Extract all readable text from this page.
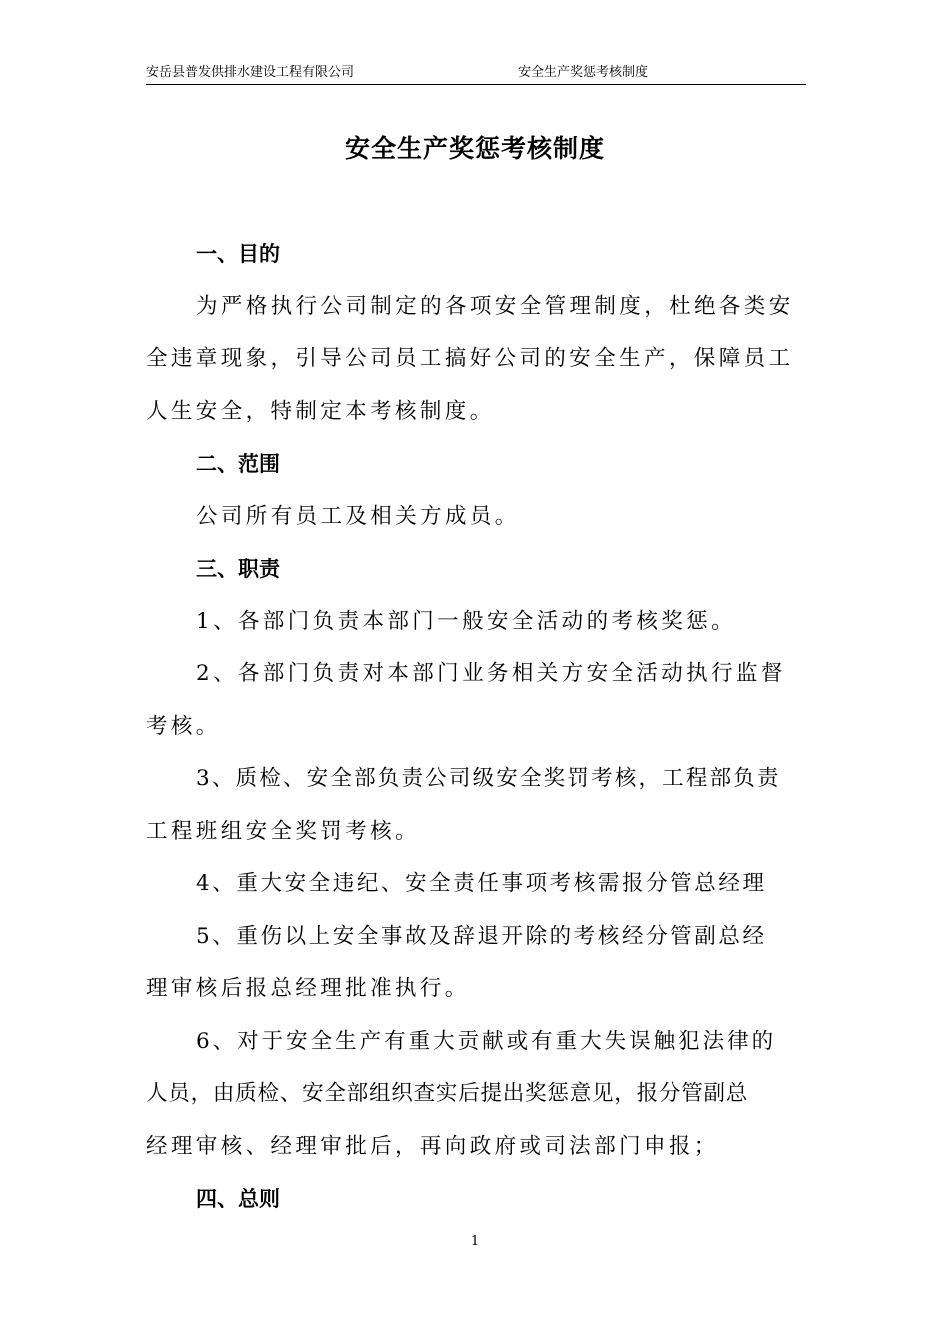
安岳县普发供排水建设工程有限公司	安全生产奖惩考核制度
安全生产奖惩考核制度
一、目的
为严格执行公司制定的各项安全管理制度，杜绝各类安
全违章现象，引导公司员工搞好公司的安全生产，保障员工
人生安全，特制定本考核制度。
二、范围
公司所有员工及相关方成员。
三、职责
1、各部门负责本部门一般安全活动的考核奖惩。
2、各部门负责对本部门业务相关方安全活动执行监督
考核。
3、质检、安全部负责公司级安全奖罚考核，工程部负责
工程班组安全奖罚考核。
4、重大安全违纪、安全责任事项考核需报分管总经理
5、重伤以上安全事故及辞退开除的考核经分管副总经
理审核后报总经理批准执行。
6、对于安全生产有重大贡献或有重大失误触犯法律的
人员，由质检、安全部组织查实后提出奖惩意见，报分管副总
经理审核、经理审批后，再向政府或司法部门申报；
四、总则
1
